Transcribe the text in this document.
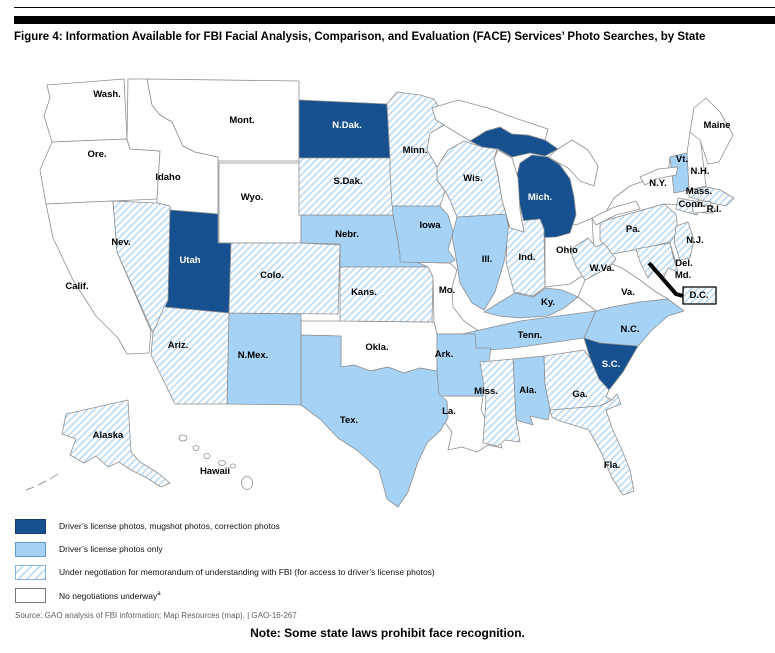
Figure 4: Information Available for FBI Facial Analysis, Comparison, and Evaluation (FACE) Services’ Photo Searches, by State
Wash.
Ore.
Calif.
Idaho
Mont.
Wyo.
Okla.
Mo.
La.
Ohio
Va.
N.Y.
N.H.
Maine
Hawaii
N.Dak.
Utah
Mich.
S.C.
Vt.
Nebr.
Iowa
Ill.
Ky.
Tenn.
N.C.
Ark.
Ala.
Tex.
N.Mex.
Del.
Nev.
Ariz.
Colo.
Kans.
S.Dak.
Minn.
Wis.
Ind.
Miss.	Ga.
Fla.
Pa.
N.J.
W.Va.
Md.
D.C.
Mass.
Conn. R.I.
Alaska
Driver’s license photos, mugshot photos, correction photos
Driver’s license photos only
Under negotiation for memorandum of understanding with FBI (for access to driver’s license photos)
No negotiations underway$^a$
Source: GAO analysis of FBI information; Map Resources (map). | GAO-16-267
Note: Some state laws prohibit face recognition.
